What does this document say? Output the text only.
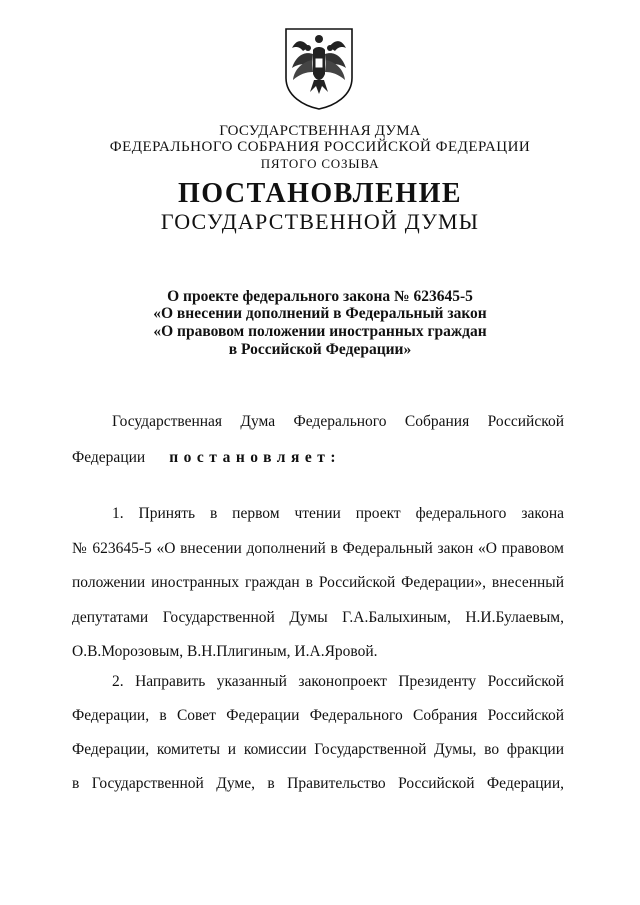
ГОСУДАРСТВЕННАЯ ДУМА
ФЕДЕРАЛЬНОГО СОБРАНИЯ РОССИЙСКОЙ ФЕДЕРАЦИИ
ПЯТОГО СОЗЫВА
ПОСТАНОВЛЕНИЕ
ГОСУДАРСТВЕННОЙ ДУМЫ
О проекте федерального закона № 623645-5
«О внесении дополнений в Федеральный закон
«О правовом положении иностранных граждан
в Российской Федерации»
Государственная Дума Федерального Собрания Российской
Федерации постановляет:
1. Принять в первом чтении проект федерального закона
№ 623645-5 «О внесении дополнений в Федеральный закон «О правовом
положении иностранных граждан в Российской Федерации», внесенный
депутатами Государственной Думы Г.А.Балыхиным, Н.И.Булаевым,
О.В.Морозовым, В.Н.Плигиным, И.А.Яровой.
2. Направить указанный законопроект Президенту Российской
Федерации, в Совет Федерации Федерального Собрания Российской
Федерации, комитеты и комиссии Государственной Думы, во фракции
в Государственной Думе, в Правительство Российской Федерации,
